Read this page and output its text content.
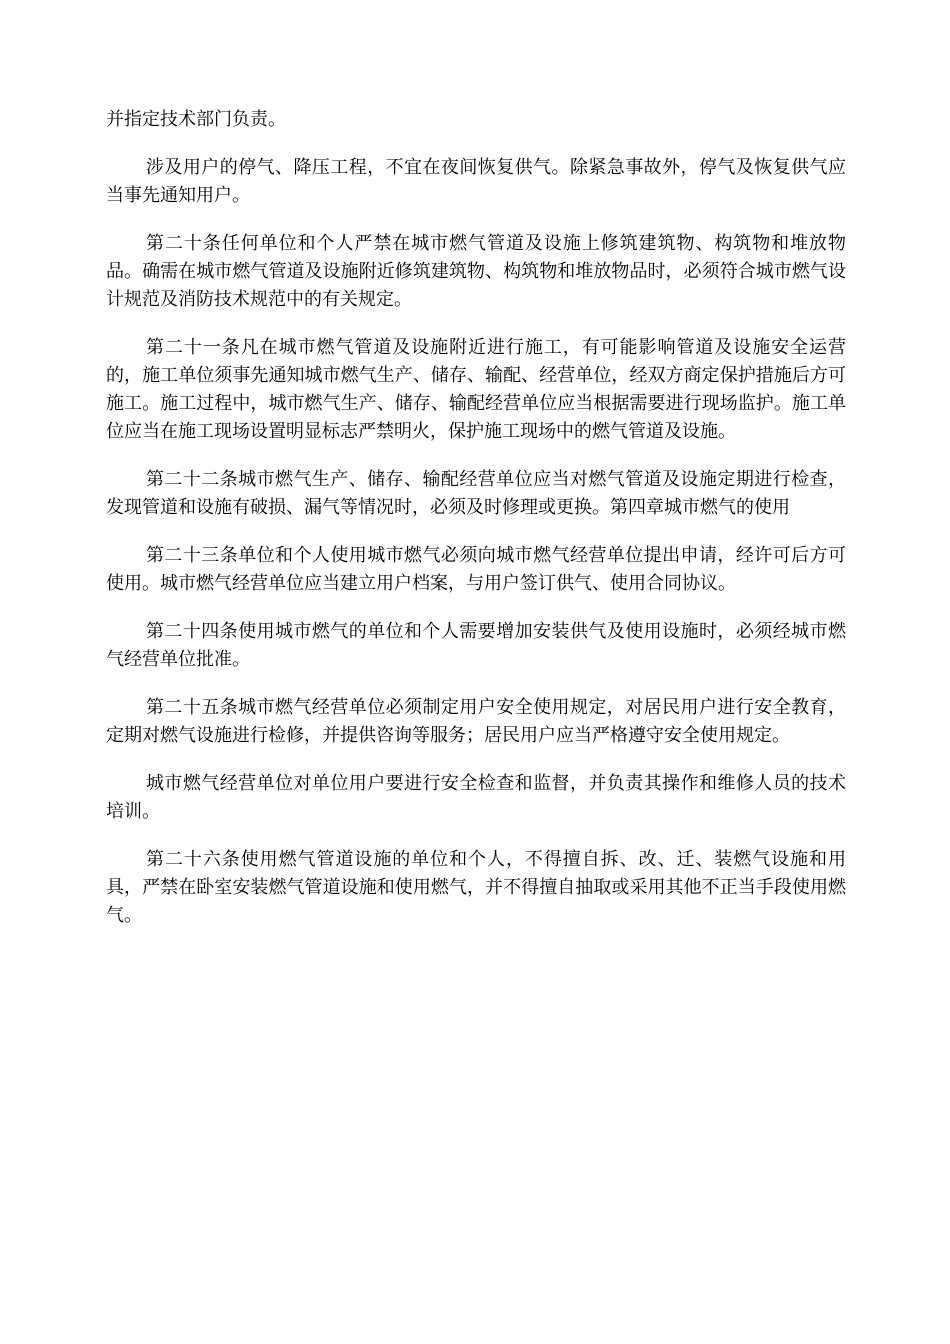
并指定技术部门负责。

涉及用户的停气、降压工程，不宜在夜间恢复供气。除紧急事故外，停气及恢复供气应当事先通知用户。

第二十条任何单位和个人严禁在城市燃气管道及设施上修筑建筑物、构筑物和堆放物品。确需在城市燃气管道及设施附近修筑建筑物、构筑物和堆放物品时，必须符合城市燃气设计规范及消防技术规范中的有关规定。

第二十一条凡在城市燃气管道及设施附近进行施工，有可能影响管道及设施安全运营的，施工单位须事先通知城市燃气生产、储存、输配、经营单位，经双方商定保护措施后方可施工。施工过程中，城市燃气生产、储存、输配经营单位应当根据需要进行现场监护。施工单位应当在施工现场设置明显标志严禁明火，保护施工现场中的燃气管道及设施。

第二十二条城市燃气生产、储存、输配经营单位应当对燃气管道及设施定期进行检查，发现管道和设施有破损、漏气等情况时，必须及时修理或更换。第四章城市燃气的使用

第二十三条单位和个人使用城市燃气必须向城市燃气经营单位提出申请，经许可后方可使用。城市燃气经营单位应当建立用户档案，与用户签订供气、使用合同协议。

第二十四条使用城市燃气的单位和个人需要增加安装供气及使用设施时，必须经城市燃气经营单位批准。

第二十五条城市燃气经营单位必须制定用户安全使用规定，对居民用户进行安全教育，定期对燃气设施进行检修，并提供咨询等服务；居民用户应当严格遵守安全使用规定。

城市燃气经营单位对单位用户要进行安全检查和监督，并负责其操作和维修人员的技术培训。

第二十六条使用燃气管道设施的单位和个人，不得擅自拆、改、迁、装燃气设施和用具，严禁在卧室安装燃气管道设施和使用燃气，并不得擅自抽取或采用其他不正当手段使用燃气。
